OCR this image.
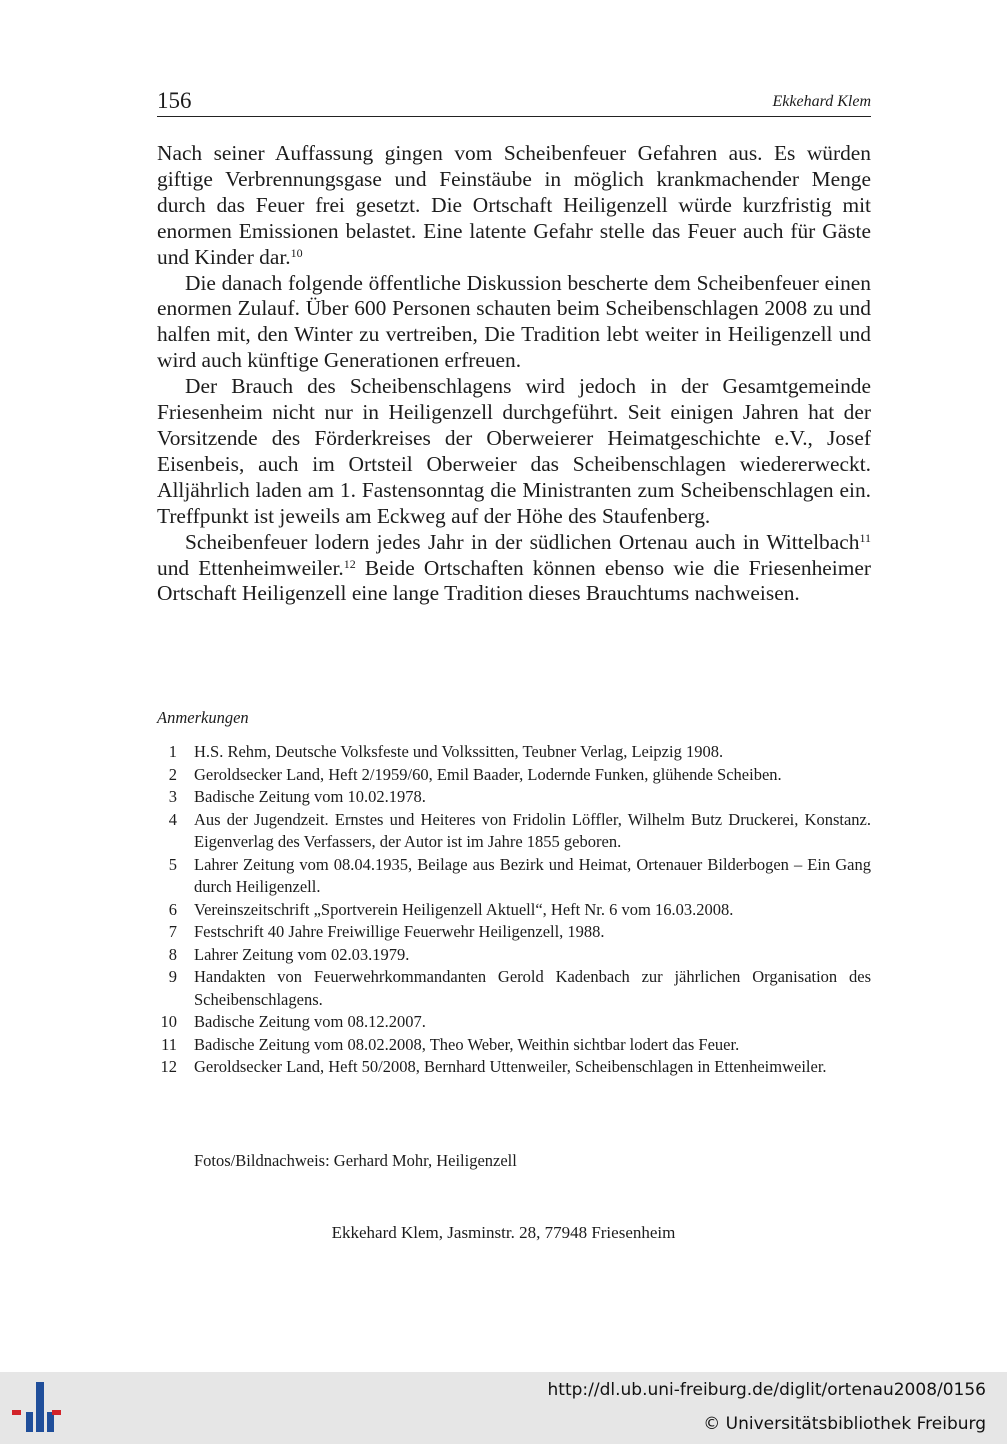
156	Ekkehard Klem

Nach seiner Auffassung gingen vom Scheibenfeuer Gefahren aus. Es würden giftige Verbrennungsgase und Feinstäube in möglich krankmachender Menge durch das Feuer frei gesetzt. Die Ortschaft Heiligenzell würde kurzfristig mit enormen Emissionen belastet. Eine latente Gefahr stelle das Feuer auch für Gäste und Kinder dar.$^{10}$

Die danach folgende öffentliche Diskussion bescherte dem Scheibenfeuer einen enormen Zulauf. Über 600 Personen schauten beim Scheibenschlagen 2008 zu und halfen mit, den Winter zu vertreiben, Die Tradition lebt weiter in Heiligenzell und wird auch künftige Generationen erfreuen.

Der Brauch des Scheibenschlagens wird jedoch in der Gesamtgemeinde Friesenheim nicht nur in Heiligenzell durchgeführt. Seit einigen Jahren hat der Vorsitzende des Förderkreises der Oberweierer Heimatgeschichte e.V., Josef Eisenbeis, auch im Ortsteil Oberweier das Scheibenschlagen wiedererweckt. Alljährlich laden am 1. Fastensonntag die Ministranten zum Scheibenschlagen ein. Treffpunkt ist jeweils am Eckweg auf der Höhe des Staufenberg.

Scheibenfeuer lodern jedes Jahr in der südlichen Ortenau auch in Wittelbach$^{11}$ und Ettenheimweiler.$^{12}$ Beide Ortschaften können ebenso wie die Friesenheimer Ortschaft Heiligenzell eine lange Tradition dieses Brauchtums nachweisen.

Anmerkungen
1 H.S. Rehm, Deutsche Volksfeste und Volkssitten, Teubner Verlag, Leipzig 1908.
2 Geroldsecker Land, Heft 2/1959/60, Emil Baader, Lodernde Funken, glühende Scheiben.
3 Badische Zeitung vom 10.02.1978.
4 Aus der Jugendzeit. Ernstes und Heiteres von Fridolin Löffler, Wilhelm Butz Druckerei, Konstanz. Eigenverlag des Verfassers, der Autor ist im Jahre 1855 geboren.
5 Lahrer Zeitung vom 08.04.1935, Beilage aus Bezirk und Heimat, Ortenauer Bilderbogen – Ein Gang durch Heiligenzell.
6 Vereinszeitschrift „Sportverein Heiligenzell Aktuell“, Heft Nr. 6 vom 16.03.2008.
7 Festschrift 40 Jahre Freiwillige Feuerwehr Heiligenzell, 1988.
8 Lahrer Zeitung vom 02.03.1979.
9 Handakten von Feuerwehrkommandanten Gerold Kadenbach zur jährlichen Organisation des Scheibenschlagens.
10 Badische Zeitung vom 08.12.2007.
11 Badische Zeitung vom 08.02.2008, Theo Weber, Weithin sichtbar lodert das Feuer.
12 Geroldsecker Land, Heft 50/2008, Bernhard Uttenweiler, Scheibenschlagen in Ettenheimweiler.
Fotos/Bildnachweis: Gerhard Mohr, Heiligenzell
Ekkehard Klem, Jasminstr. 28, 77948 Friesenheim
http://dl.ub.uni-freiburg.de/diglit/ortenau2008/0156
© Universitätsbibliothek Freiburg
